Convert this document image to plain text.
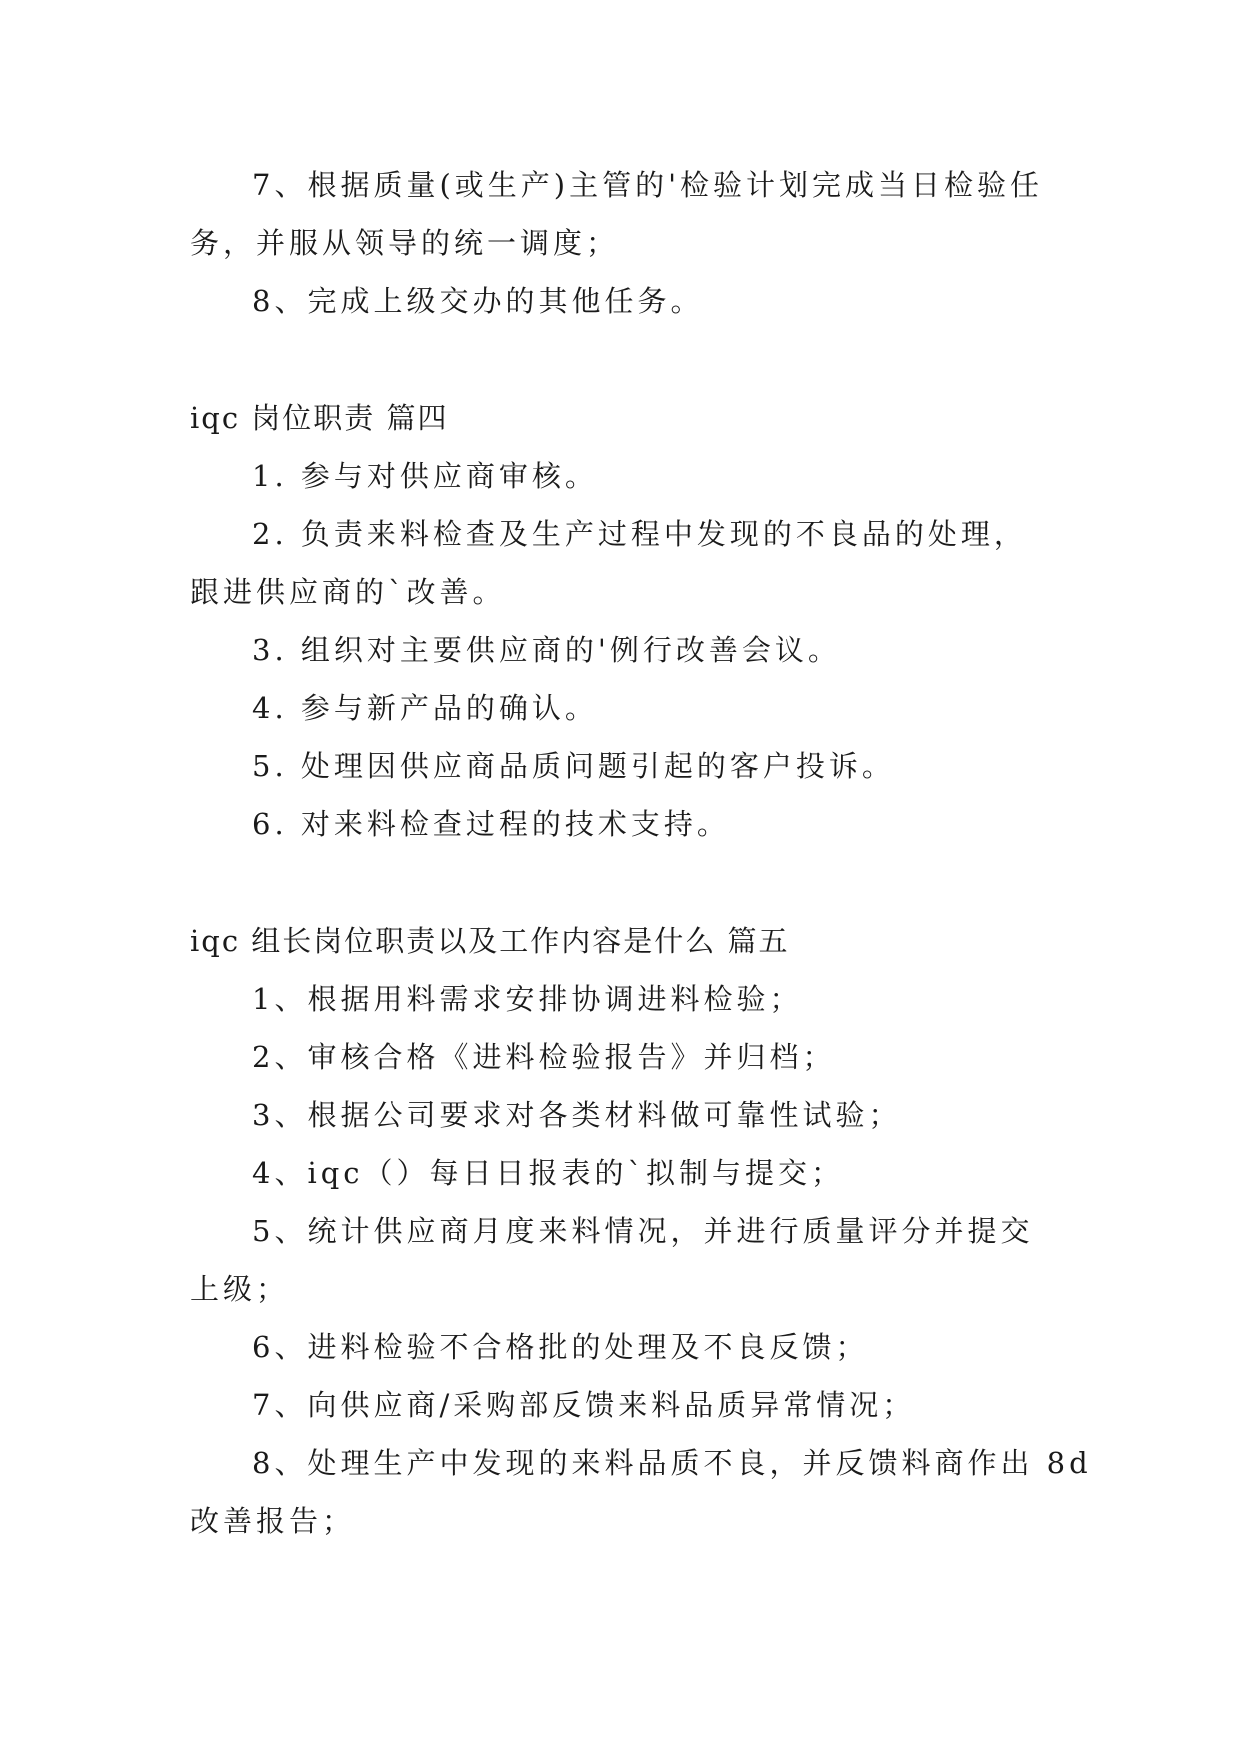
7、根据质量(或生产)主管的'检验计划完成当日检验任
务，并服从领导的统一调度；
8、完成上级交办的其他任务。
iqc 岗位职责 篇四
1. 参与对供应商审核。
2. 负责来料检查及生产过程中发现的不良品的处理，
跟进供应商的`改善。
3. 组织对主要供应商的'例行改善会议。
4. 参与新产品的确认。
5. 处理因供应商品质问题引起的客户投诉。
6. 对来料检查过程的技术支持。
iqc 组长岗位职责以及工作内容是什么 篇五
1、根据用料需求安排协调进料检验；
2、审核合格《进料检验报告》并归档；
3、根据公司要求对各类材料做可靠性试验；
4、iqc（）每日日报表的`拟制与提交；
5、统计供应商月度来料情况，并进行质量评分并提交
上级；
6、进料检验不合格批的处理及不良反馈；
7、向供应商/采购部反馈来料品质异常情况；
8、处理生产中发现的来料品质不良，并反馈料商作出 8d
改善报告；
